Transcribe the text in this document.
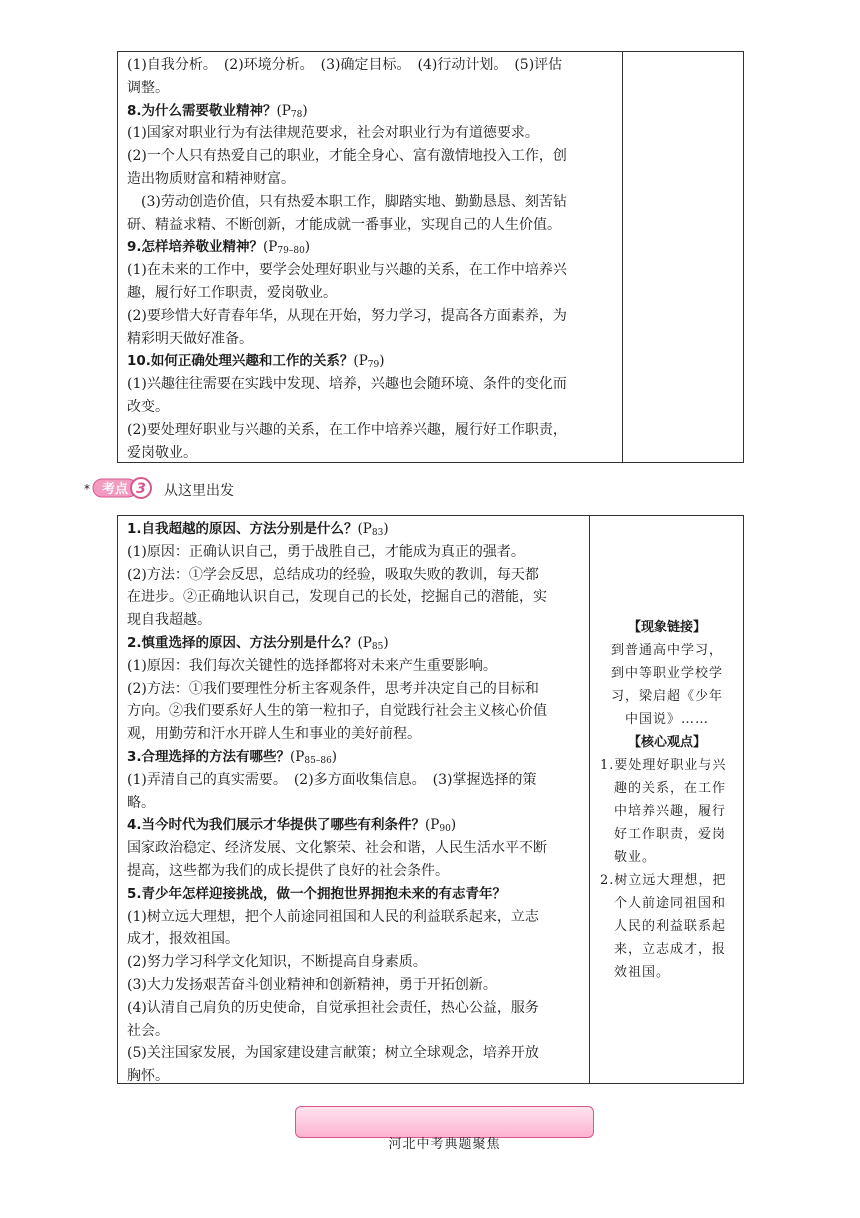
(1)自我分析。　(2)环境分析。　(3)确定目标。　(4)行动计划。　(5)评估
调整。
8.为什么需要敬业精神？$(P_{78})$
(1)国家对职业行为有法律规范要求，社会对职业行为有道德要求。
(2)一个人只有热爱自己的职业，才能全身心、富有激情地投入工作，创
造出物质财富和精神财富。
(3)劳动创造价值，只有热爱本职工作，脚踏实地、勤勤恳恳、刻苦钻
研、精益求精、不断创新，才能成就一番事业，实现自己的人生价值。
9.怎样培养敬业精神？$(P_{79-80})$
(1)在未来的工作中，要学会处理好职业与兴趣的关系，在工作中培养兴
趣，履行好工作职责，爱岗敬业。
(2)要珍惜大好青春年华，从现在开始，努力学习，提高各方面素养，为
精彩明天做好准备。
10.如何正确处理兴趣和工作的关系？$(P_{79})$
(1)兴趣往往需要在实践中发现、培养，兴趣也会随环境、条件的变化而
改变。
(2)要处理好职业与兴趣的关系，在工作中培养兴趣，履行好工作职责，
爱岗敬业。
* 考点 3 从这里出发
1.自我超越的原因、方法分别是什么？$(P_{83})$
(1)原因：正确认识自己，勇于战胜自己，才能成为真正的强者。
(2)方法：①学会反思，总结成功的经验，吸取失败的教训，每天都
在进步。②正确地认识自己，发现自己的长处，挖掘自己的潜能，实
现自我超越。
2.慎重选择的原因、方法分别是什么？$(P_{85})$
(1)原因：我们每次关键性的选择都将对未来产生重要影响。
(2)方法：①我们要理性分析主客观条件，思考并决定自己的目标和
方向。②我们要系好人生的第一粒扣子，自觉践行社会主义核心价值
观，用勤劳和汗水开辟人生和事业的美好前程。
3.合理选择的方法有哪些？$(P_{85-86})$
(1)弄清自己的真实需要。　(2)多方面收集信息。　(3)掌握选择的策
略。
4.当今时代为我们展示才华提供了哪些有利条件？$(P_{90})$
国家政治稳定、经济发展、文化繁荣、社会和谐，人民生活水平不断
提高，这些都为我们的成长提供了良好的社会条件。
5.青少年怎样迎接挑战，做一个拥抱世界拥抱未来的有志青年？
(1)树立远大理想，把个人前途同祖国和人民的利益联系起来，立志
成才，报效祖国。
(2)努力学习科学文化知识，不断提高自身素质。
(3)大力发扬艰苦奋斗创业精神和创新精神，勇于开拓创新。
(4)认清自己肩负的历史使命，自觉承担社会责任，热心公益，服务
社会。
(5)关注国家发展，为国家建设建言献策；树立全球观念，培养开放
胸怀。
【现象链接】
到普通高中学习，
到中等职业学校学
习，梁启超《少年
中国说》……
【核心观点】
1.要处理好职业与兴
　趣的关系，在工作
　中培养兴趣，履行
　好工作职责，爱岗
　敬业。
2.树立远大理想，把
　个人前途同祖国和
　人民的利益联系起
　来，立志成才，报
　效祖国。
河北中考典题聚焦
